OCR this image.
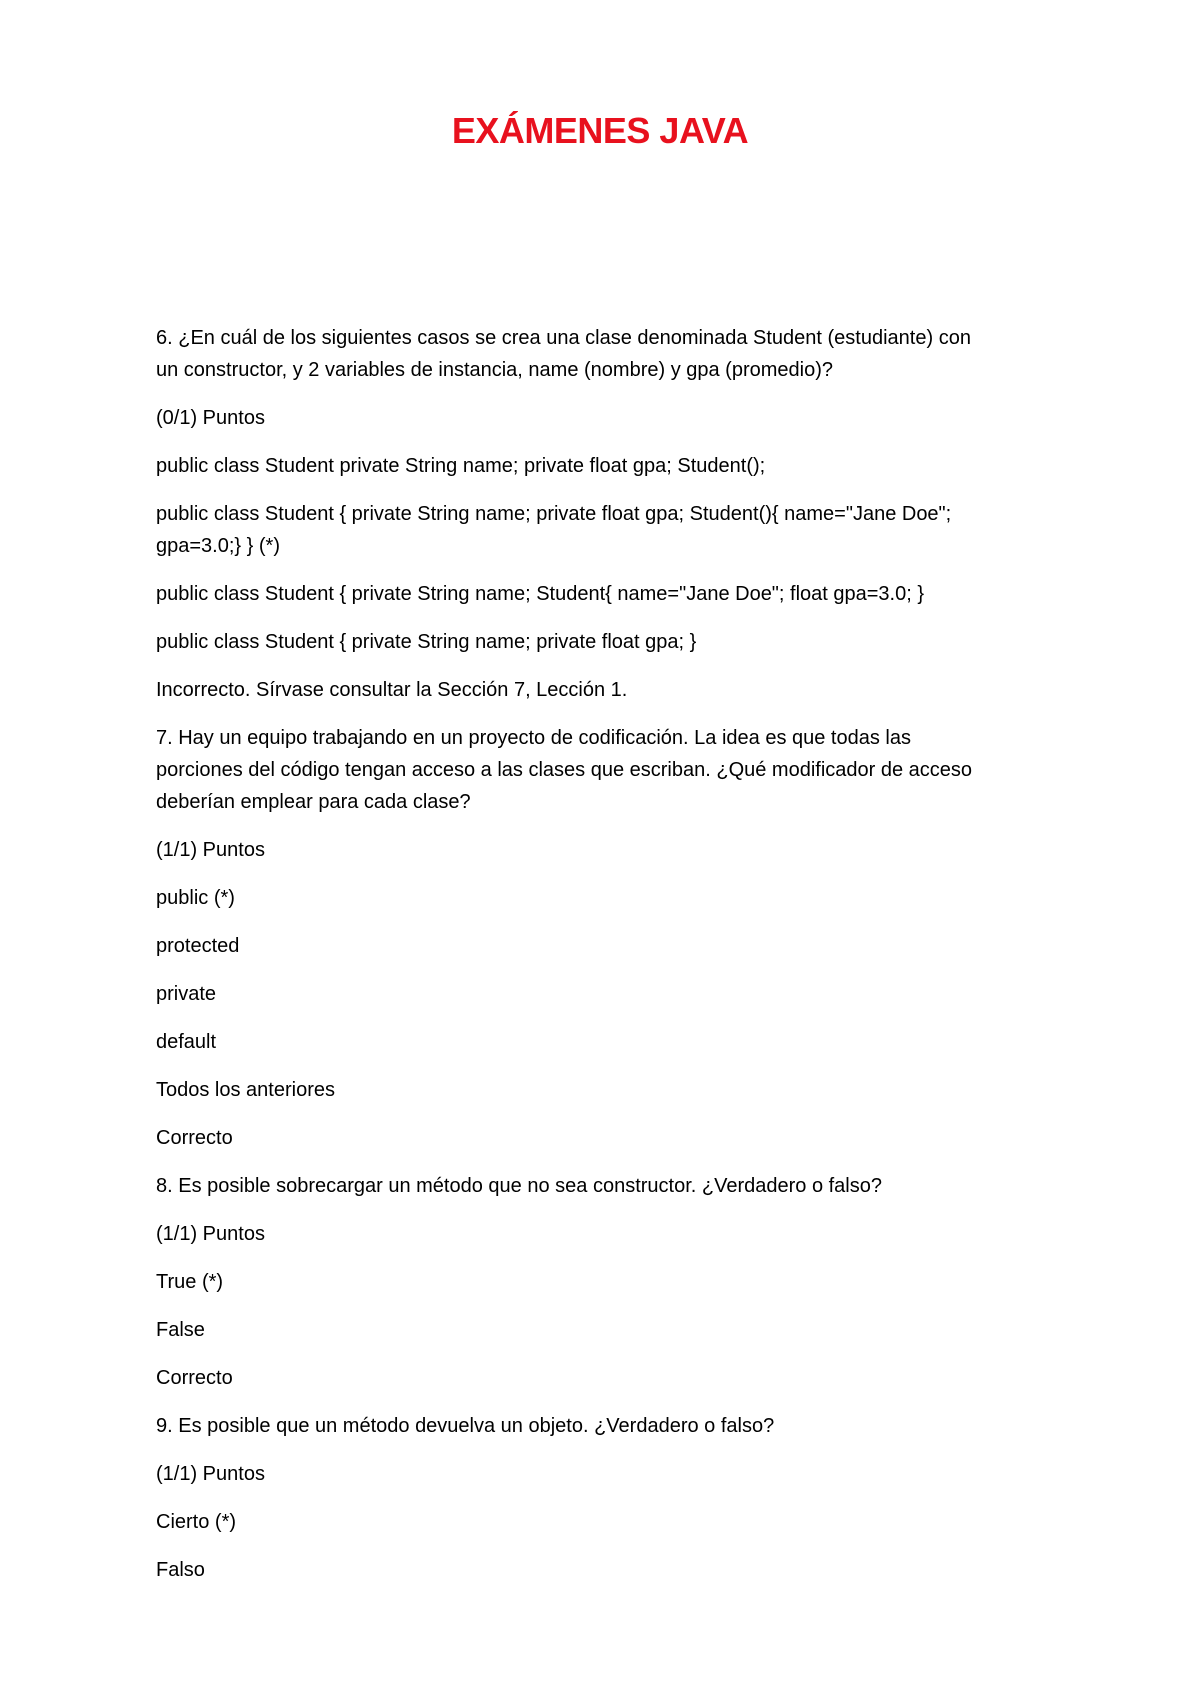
EXÁMENES JAVA
6. ¿En cuál de los siguientes casos se crea una clase denominada Student (estudiante) con
un constructor, y 2 variables de instancia, name (nombre) y gpa (promedio)?

(0/1) Puntos

public class Student private String name; private float gpa; Student();

public class Student { private String name; private float gpa; Student(){ name="Jane Doe";
gpa=3.0;} } (*)

public class Student { private String name; Student{ name="Jane Doe"; float gpa=3.0; }

public class Student { private String name; private float gpa; }

Incorrecto. Sírvase consultar la Sección 7, Lección 1.

7. Hay un equipo trabajando en un proyecto de codificación. La idea es que todas las
porciones del código tengan acceso a las clases que escriban. ¿Qué modificador de acceso
deberían emplear para cada clase?

(1/1) Puntos

public (*)

protected

private

default

Todos los anteriores

Correcto

8. Es posible sobrecargar un método que no sea constructor. ¿Verdadero o falso?

(1/1) Puntos

True (*)

False

Correcto

9. Es posible que un método devuelva un objeto. ¿Verdadero o falso?

(1/1) Puntos

Cierto (*)

Falso
